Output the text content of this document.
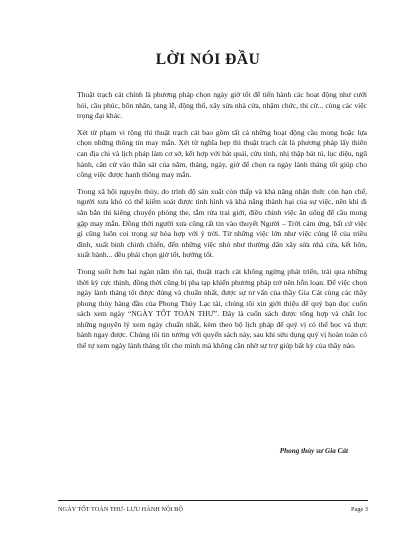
LỜI NÓI ĐẦU

Thuật trạch cát chính là phương pháp chọn ngày giờ tốt để tiến hành các hoạt động như cưới hỏi, cầu phúc, hôn nhân, tang lễ, động thổ, xây sửa nhà cửa, nhậm chức, thi cử... cùng các việc trọng đại khác.

Xét từ phạm vi rộng thì thuật trạch cát bao gồm tất cả những hoạt động cầu mong hoặc lựa chọn những thông tin may mắn. Xét từ nghĩa hẹp thì thuật trạch cát là phương pháp lấy thiên can địa chi và lịch pháp làm cơ sở, kết hợp với bát quái, cửu tinh, nhị thập bát tú, lục diệu, ngũ hành, căn cứ vào thần sát của năm, tháng, ngày, giờ để chọn ra ngày lành tháng tốt giúp cho công việc được hanh thông may mắn.

Trong xã hội nguyên thủy, do trình độ sản xuất còn thấp và khả năng nhận thức còn hạn chế, người xưa khó có thể kiểm soát được tình hình và khả năng thành bại của sự việc, nên khi đi săn bắn thì kiêng chuyện phòng the, tắm rửa trai giới, điều chỉnh việc ăn uống để cầu mong gặp may mắn. Đồng thời người xưa cũng rất tin vào thuyết Người – Trời cảm ứng, bất cứ việc gì cũng luôn coi trọng sự hòa hợp với ý trời. Từ những việc lớn như việc cúng lễ của triều đình, xuất binh chinh chiến, đến những việc nhỏ như thường dân xây sửa nhà cửa, kết hôn, xuất hành... đều phải chọn giờ tốt, hướng tốt.

Trong suốt hơn hai ngàn năm tồn tại, thuật trạch cát không ngừng phát triển, trải qua những thời kỳ cực thịnh, đồng thời cũng bị pha tạp khiến phương pháp trở nên hỗn loạn. Để việc chọn ngày lành tháng tốt được đúng và chuẩn nhất, được sự tư vấn của thầy Gia Cát cùng các thầy phong thủy hàng đầu của Phong Thủy Lạc tài, chúng tôi xin giới thiệu để quý bạn đọc cuốn sách xem ngày “NGÀY TỐT TOÀN THƯ”. Đây là cuốn sách được tổng hợp và chắt lọc những nguyên lý xem ngày chuẩn nhất, kèm theo bộ lịch pháp để quý vị có thể học và thực hành ngay được. Chúng tôi tin tưởng với quyển sách này, sau khi sửu dụng quý vị hoàn toàn có thể tự xem ngày lành tháng tốt cho mình mà không cần nhờ sự trợ giúp bất kỳ của thầy nào.

Phong thủy sư Gia Cát
NGÀY TỐT TOÀN THƯ- LƯU HÀNH NỘI BỘ	Page 3
